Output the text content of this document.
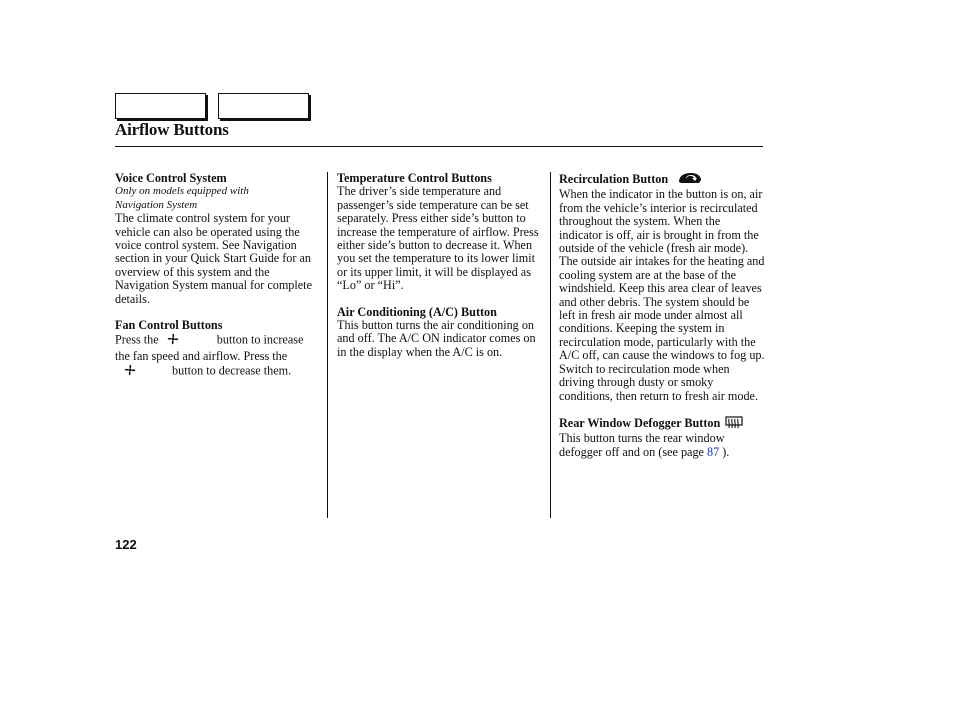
Airflow Buttons
Voice Control System
Only on models equipped with
Navigation System
The climate control system for your vehicle can also be operated using the voice control system. See Navigation section in your Quick Start Guide for an overview of this system and the Navigation System manual for complete details.
Fan Control Buttons
Press the	button to increase the fan speed and airflow. Press the
button to decrease them.
Temperature Control Buttons
The driver’s side temperature and passenger’s side temperature can be set separately. Press either side’s button to increase the temperature of airflow. Press either side’s button to decrease it. When you set the temperature to its lower limit or its upper limit, it will be displayed as “Lo” or “Hi”.
Air Conditioning (A/C) Button
This button turns the air conditioning on and off. The A/C ON indicator comes on in the display when the A/C is on.
Recirculation Button
When the indicator in the button is on, air from the vehicle’s interior is recirculated throughout the system. When the indicator is off, air is brought in from the outside of the vehicle (fresh air mode).
The outside air intakes for the heating and cooling system are at the base of the windshield. Keep this area clear of leaves and other debris. The system should be left in fresh air mode under almost all conditions. Keeping the system in recirculation mode, particularly with the A/C off, can cause the windows to fog up. Switch to recirculation mode when driving through dusty or smoky conditions, then return to fresh air mode.
Rear Window Defogger Button
This button turns the rear window defogger off and on (see page 87 ).
122
